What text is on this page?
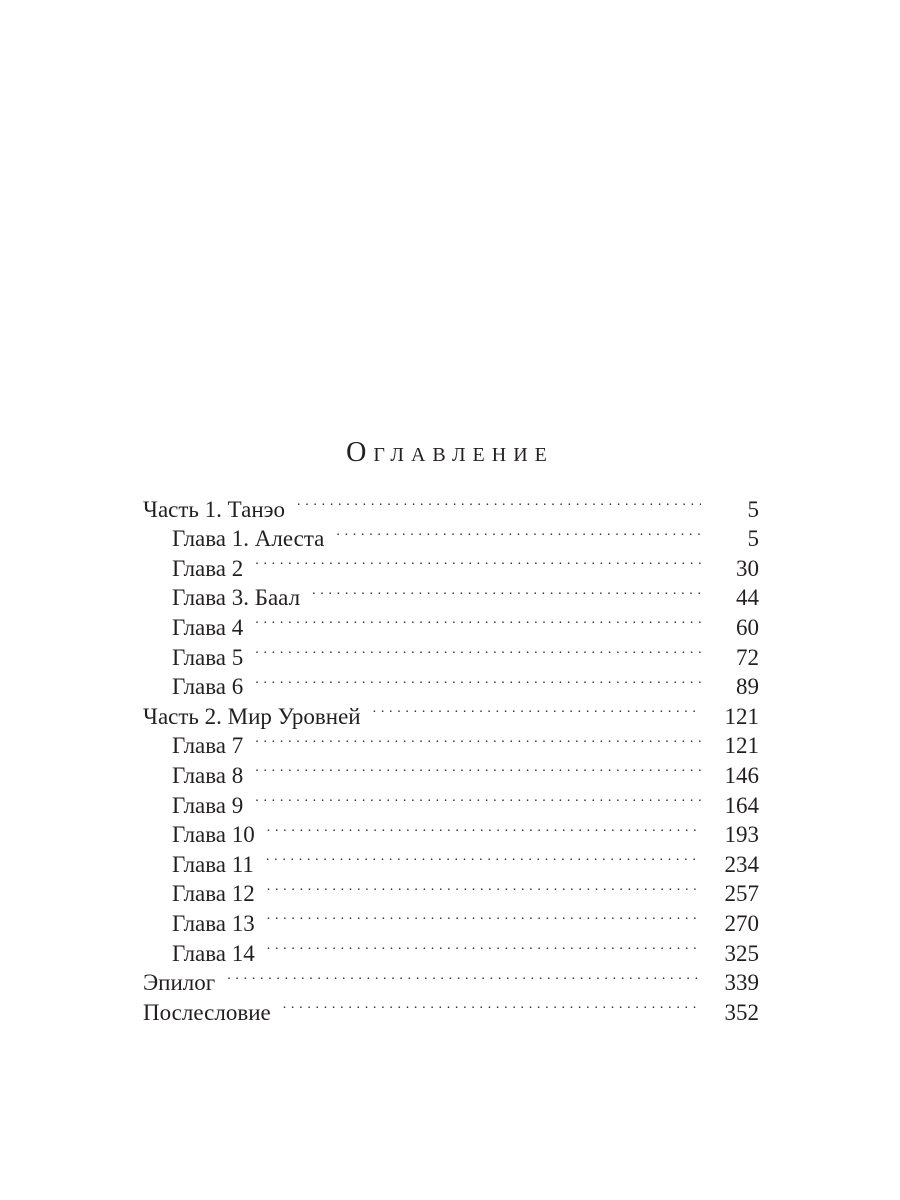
Оглавление
Часть 1. Танэо . . .	5
Глава 1. Алеста . . .	5
Глава 2 . . .	30
Глава 3. Баал . . .	44
Глава 4 . . .	60
Глава 5 . . .	72
Глава 6 . . .	89
Часть 2. Мир Уровней . . .	121
Глава 7 . . .	121
Глава 8 . . .	146
Глава 9 . . .	164
Глава 10 . . .	193
Глава 11 . . .	234
Глава 12 . . .	257
Глава 13 . . .	270
Глава 14 . . .	325
Эпилог . . .	339
Послесловие . . .	352
